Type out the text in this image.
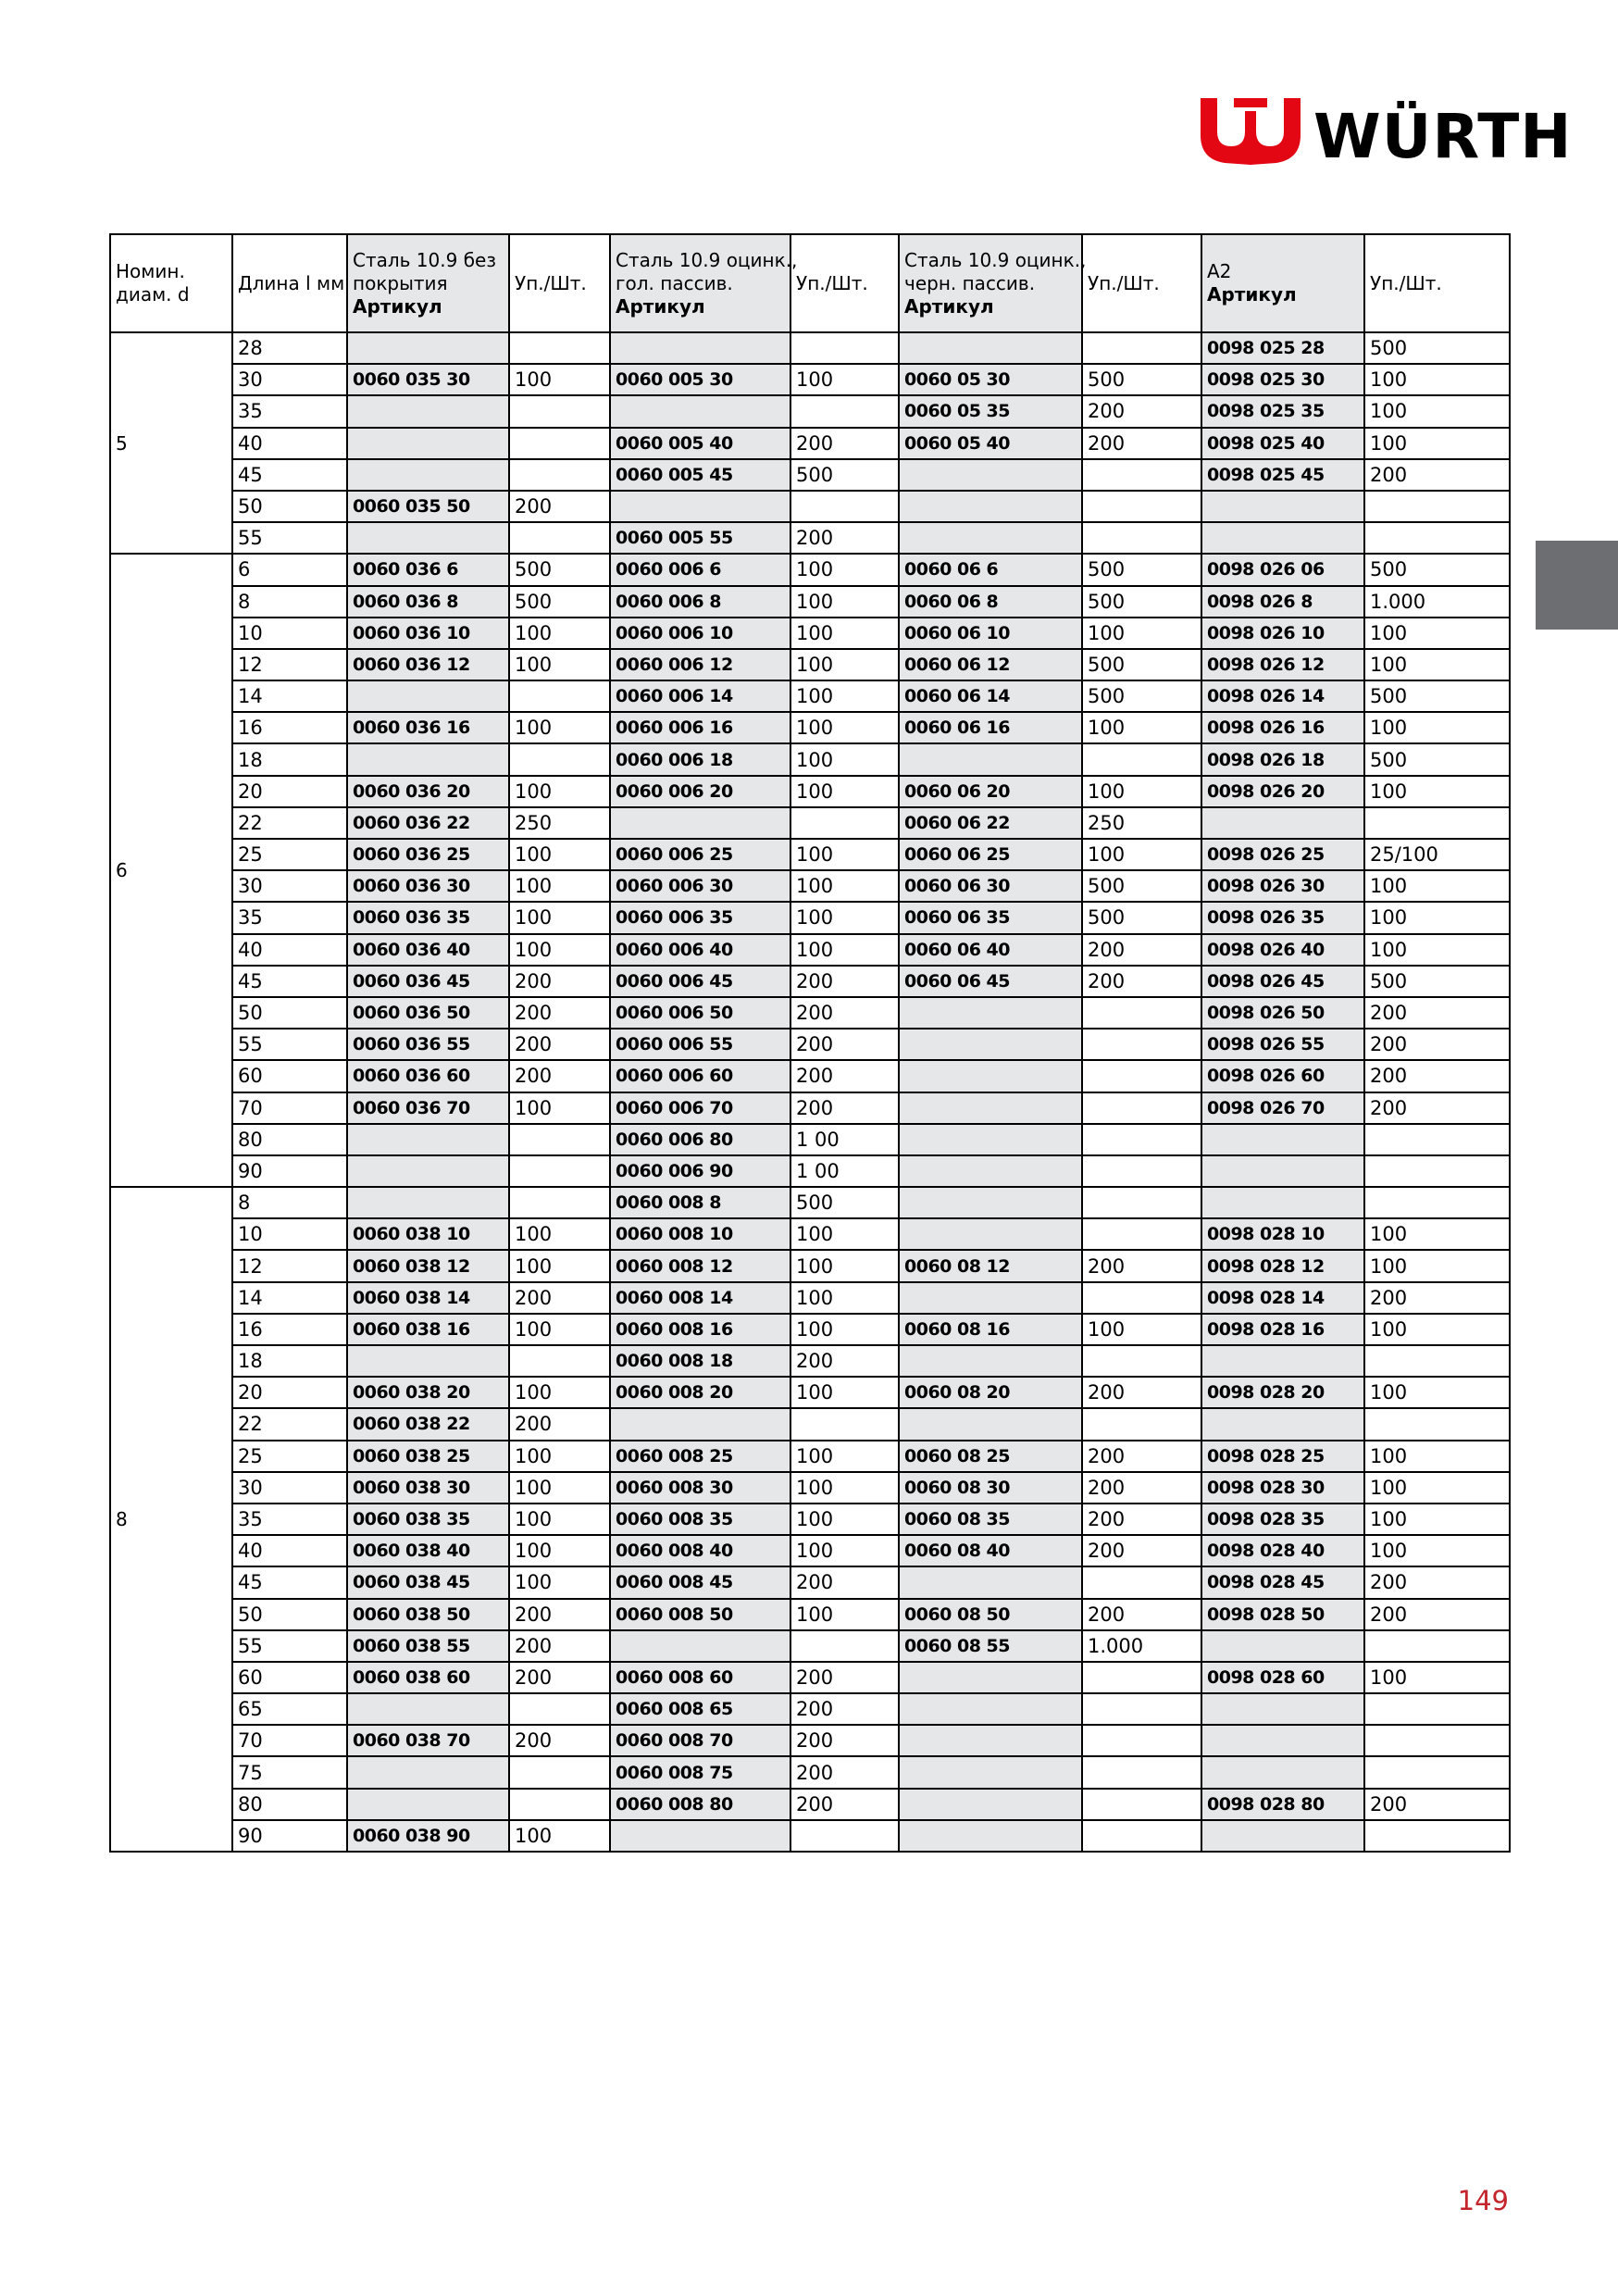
WÜRTH
Номин.
диам. d	Длина l мм	Сталь 10.9 без
покрытия
Артикул	Уп./Шт.	Сталь 10.9 оцинк.,
гол. пассив.
Артикул	Уп./Шт.	Сталь 10.9 оцинк.,
черн. пассив.
Артикул	Уп./Шт.	A2
Артикул	Уп./Шт.
5	28							0098 025 28	500
	30	0060 035 30	100	0060 005 30	100	0060 05 30	500	0098 025 30	100
	35					0060 05 35	200	0098 025 35	100
	40			0060 005 40	200	0060 05 40	200	0098 025 40	100
	45			0060 005 45	500			0098 025 45	200
	50	0060 035 50	200						
	55			0060 005 55	200				
6	6	0060 036 6	500	0060 006 6	100	0060 06 6	500	0098 026 06	500
	8	0060 036 8	500	0060 006 8	100	0060 06 8	500	0098 026 8	1.000
	10	0060 036 10	100	0060 006 10	100	0060 06 10	100	0098 026 10	100
	12	0060 036 12	100	0060 006 12	100	0060 06 12	500	0098 026 12	100
	14			0060 006 14	100	0060 06 14	500	0098 026 14	500
	16	0060 036 16	100	0060 006 16	100	0060 06 16	100	0098 026 16	100
	18			0060 006 18	100			0098 026 18	500
	20	0060 036 20	100	0060 006 20	100	0060 06 20	100	0098 026 20	100
	22	0060 036 22	250			0060 06 22	250		
	25	0060 036 25	100	0060 006 25	100	0060 06 25	100	0098 026 25	25/100
	30	0060 036 30	100	0060 006 30	100	0060 06 30	500	0098 026 30	100
	35	0060 036 35	100	0060 006 35	100	0060 06 35	500	0098 026 35	100
	40	0060 036 40	100	0060 006 40	100	0060 06 40	200	0098 026 40	100
	45	0060 036 45	200	0060 006 45	200	0060 06 45	200	0098 026 45	500
	50	0060 036 50	200	0060 006 50	200			0098 026 50	200
	55	0060 036 55	200	0060 006 55	200			0098 026 55	200
	60	0060 036 60	200	0060 006 60	200			0098 026 60	200
	70	0060 036 70	100	0060 006 70	200			0098 026 70	200
	80			0060 006 80	1 00				
	90			0060 006 90	1 00				
8	8			0060 008 8	500				
	10	0060 038 10	100	0060 008 10	100			0098 028 10	100
	12	0060 038 12	100	0060 008 12	100	0060 08 12	200	0098 028 12	100
	14	0060 038 14	200	0060 008 14	100			0098 028 14	200
	16	0060 038 16	100	0060 008 16	100	0060 08 16	100	0098 028 16	100
	18			0060 008 18	200				
	20	0060 038 20	100	0060 008 20	100	0060 08 20	200	0098 028 20	100
	22	0060 038 22	200						
	25	0060 038 25	100	0060 008 25	100	0060 08 25	200	0098 028 25	100
	30	0060 038 30	100	0060 008 30	100	0060 08 30	200	0098 028 30	100
	35	0060 038 35	100	0060 008 35	100	0060 08 35	200	0098 028 35	100
	40	0060 038 40	100	0060 008 40	100	0060 08 40	200	0098 028 40	100
	45	0060 038 45	100	0060 008 45	200			0098 028 45	200
	50	0060 038 50	200	0060 008 50	100	0060 08 50	200	0098 028 50	200
	55	0060 038 55	200			0060 08 55	1.000		
	60	0060 038 60	200	0060 008 60	200			0098 028 60	100
	65			0060 008 65	200				
	70	0060 038 70	200	0060 008 70	200				
	75			0060 008 75	200				
	80			0060 008 80	200			0098 028 80	200
	90	0060 038 90	100						
149
